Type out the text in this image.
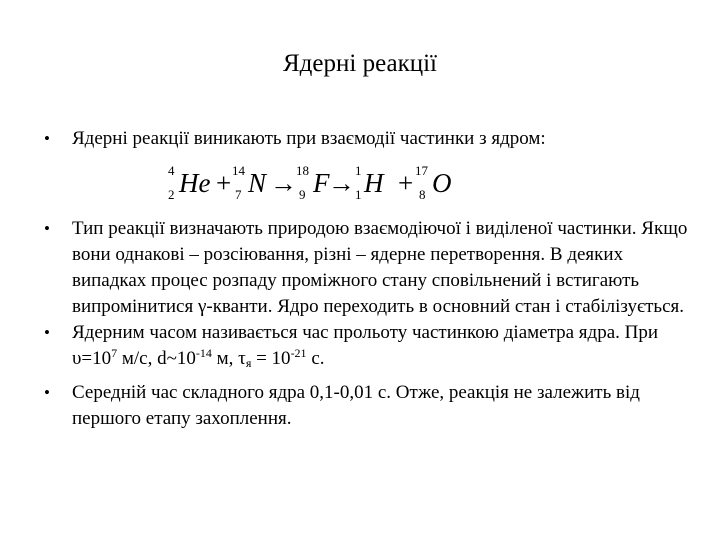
Ядерні реакції
• Ядерні реакції виникають при взаємодії частинки з ядром:
4
2 He + 14
7 N → 18
9 F
→ 1
1 H + 17
8 O
• Тип реакції визначають природою взаємодіючої і виділеної частинки. Якщо вони однакові – розсіювання, різні – ядерне перетворення. В деяких випадках процес розпаду проміжного стану сповільнений і встигають випромінитися γ-кванти. Ядро переходить в основний стан і стабілізується.
• Ядерним часом називається час прольоту частинкою діаметра ядра. При $\upsilon=10^7$ м/с, $d\sim 10^{-14}$ м, $\tau_я = 10^{-21}$ с.
• Середній час складного ядра 0,1-0,01 с. Отже, реакція не залежить від першого етапу захоплення.
